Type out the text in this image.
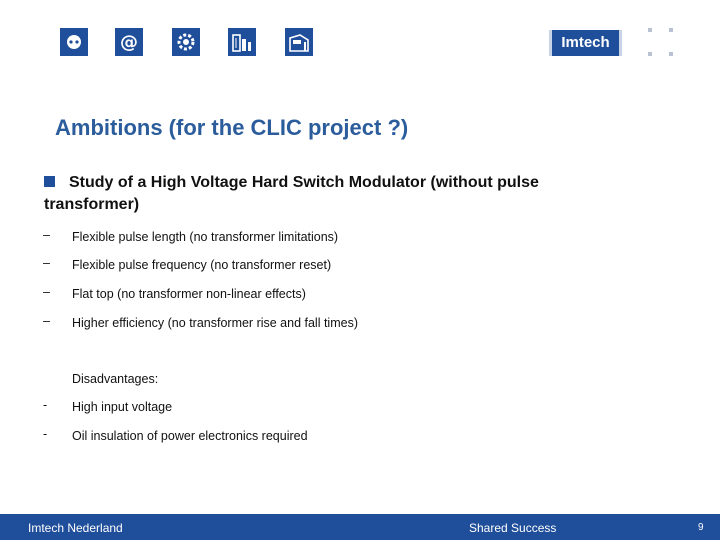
@	Imtech
Ambitions (for the CLIC project ?)
Study of a High Voltage Hard Switch Modulator (without pulse transformer)
– Flexible pulse length (no transformer limitations)
– Flexible pulse frequency (no transformer reset)
– Flat top (no transformer non-linear effects)
– Higher efficiency (no transformer rise and fall times)
Disadvantages:
- High input voltage
- Oil insulation of power electronics required
Imtech Nederland	Shared Success	9
